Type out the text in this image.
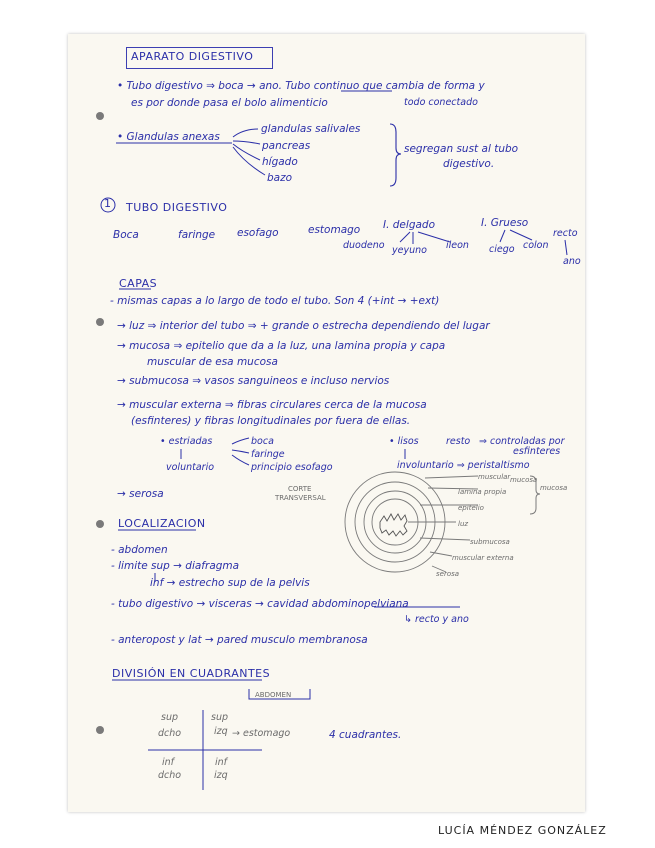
APARATO DIGESTIVO
• Tubo digestivo ⇒ boca → ano. Tubo continuo que cambia de forma y
es por donde pasa el bolo alimenticio	todo conectado
• Glandulas anexas
glandulas salivales
pancreas
hígado
bazo
segregan sust al tubo
digestivo.
1 TUBO DIGESTIVO
Boca	faringe esofago	estomago I. delgado	I. Grueso
recto
duodeno yeyuno ileon ciego colon
ano
CAPAS
- mismas capas a lo largo de todo el tubo. Son 4 (+int → +ext)
→ luz ⇒ interior del tubo ⇒ + grande o estrecha dependiendo del lugar
→ mucosa ⇒ epitelio que da a la luz, una lamina propia y capa
muscular de esa mucosa
→ submucosa ⇒ vasos sanguineos e incluso nervios
→ muscular externa ⇒ fibras circulares cerca de la mucosa
(esfinteres) y fibras longitudinales por fuera de ellas.
• estriadas	boca
faringe
principio esofago
voluntario
• lisos	resto ⇒ controladas por
esfinteres
involuntario ⇒ peristaltismo
→ serosa	CORTE
TRANSVERSAL
muscular mucosa
lamina propia
epitelio
luz
submucosa
muscular externa
serosa
mucosa
LOCALIZACION
- abdomen
- limite sup → diafragma
inf → estrecho sup de la pelvis
- tubo digestivo → visceras → cavidad abdominopelviana
↳ recto y ano
- anteropost y lat → pared musculo membranosa
DIVISIÓN EN CUADRANTES
ABDOMEN
sup
dcho
sup
izq → estomago
inf
dcho
inf
izq
4 cuadrantes.
LUCÍA MÉNDEZ GONZÁLEZ
